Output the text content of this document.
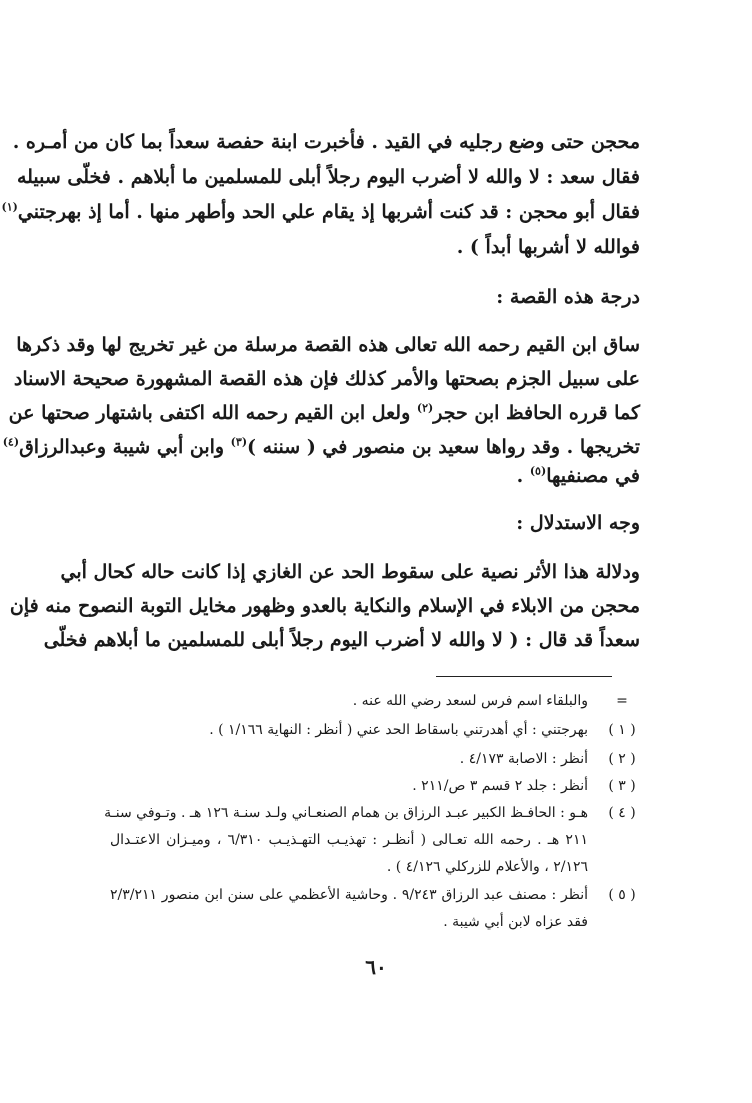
محجن حتى وضع رجليه في القيد . فأخبرت ابنة حفصة سعداً بما كان من أمـره .
فقال سعد : لا والله لا أضرب اليوم رجلاً أبلى للمسلمين ما أبلاهم . فخلّى سبيله
فقال أبو محجن : قد كنت أشربها إذ يقام علي الحد وأطهر منها . أما إذ بهرجتني$^{(١)}$
فوالله لا أشربها أبداً ) .
درجة هذه القصة :
ساق ابن القيم رحمه الله تعالى هذه القصة مرسلة من غير تخريج لها وقد ذكرها
على سبيل الجزم بصحتها والأمر كذلك فإن هذه القصة المشهورة صحيحة الاسناد
كما قرره الحافظ ابن حجر$^{(٢)}$ ولعل ابن القيم رحمه الله اكتفى باشتهار صحتها عن
تخريجها . وقد رواها سعيد بن منصور في ( سننه )$^{(٣)}$ وابن أبي شيبة وعبدالرزاق$^{(٤)}$
في مصنفيها$^{(٥)}$ .
وجه الاستدلال :
ودلالة هذا الأثر نصية على سقوط الحد عن الغازي إذا كانت حاله كحال أبي
محجن من الابلاء في الإسلام والنكاية بالعدو وظهور مخايل التوبة النصوح منه فإن
سعداً قد قال : ( لا والله لا أضرب اليوم رجلاً أبلى للمسلمين ما أبلاهم فخلّى
=
والبلقاء اسم فرس لسعد رضي الله عنه .
( ١ )
بهرجتني : أي أهدرتني باسقاط الحد عني ( أنظر : النهاية ١/١٦٦ ) .
( ٢ )
أنظر : الاصابة ٤/١٧٣ .
( ٣ )
أنظر : جلد ٢ قسم ٣ ص/٢١١ .
( ٤ )
هـو : الحافـظ الكبير عبـد الرزاق بن همام الصنعـاني ولـد سنـة ١٢٦ هـ . وتـوفي سنـة
٢١١ هـ . رحمه الله تعـالى ( أنظـر : تهذيـب التهـذيـب ٦/٣١٠ ، وميـزان الاعتـدال
٢/١٢٦ ، والأعلام للزركلي ٤/١٢٦ ) .
( ٥ )
أنظر : مصنف عبد الرزاق ٩/٢٤٣ . وحاشية الأعظمي على سنن ابن منصور ٢/٣/٢١١
فقد عزاه لابن أبي شيبة .
٦٠
